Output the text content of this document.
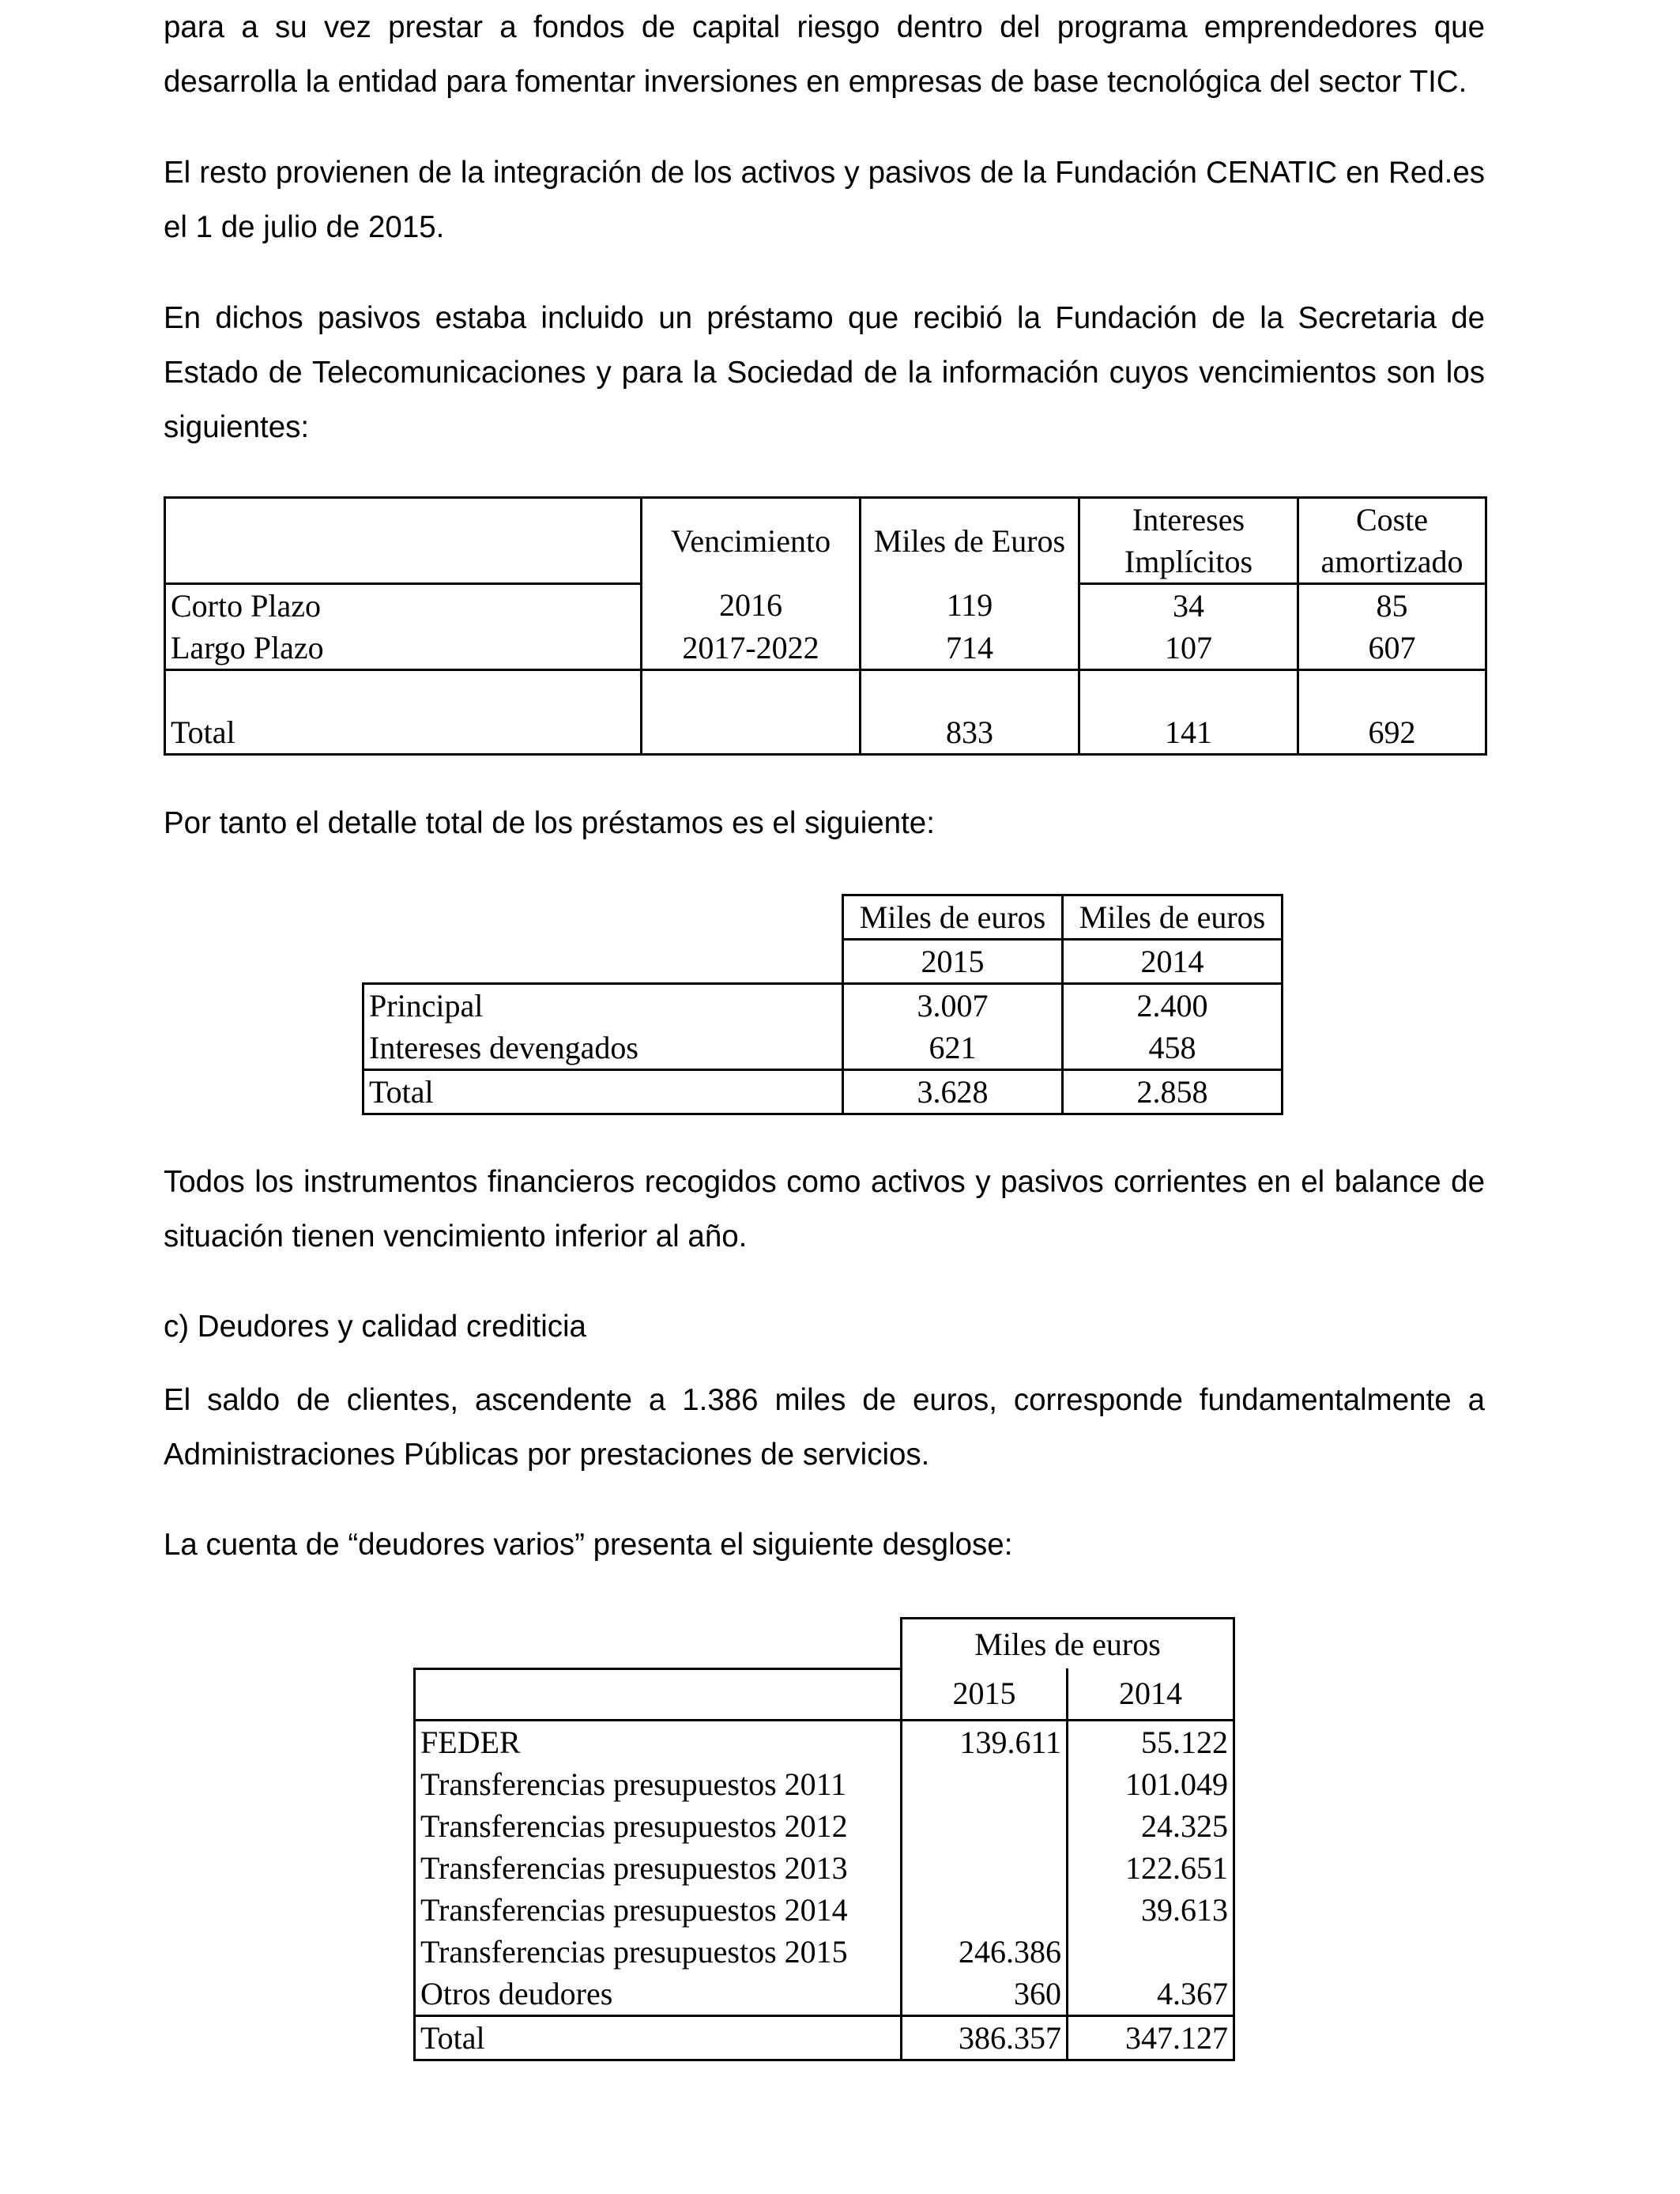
para a su vez prestar a fondos de capital riesgo dentro del programa emprendedores que

desarrolla la entidad para fomentar inversiones en empresas de base tecnológica del sector TIC.

El resto provienen de la integración de los activos y pasivos de la Fundación CENATIC en Red.es el 1 de julio de 2015.

En dichos pasivos estaba incluido un préstamo que recibió la Fundación de la Secretaria de Estado de Telecomunicaciones y para la Sociedad de la información cuyos vencimientos son los siguientes:

	Vencimiento	Miles de Euros	Intereses	Coste
			Implícitos	amortizado
Corto Plazo	2016	119	34	85
Largo Plazo	2017-2022	714	107	607
Total		833	141	692

Por tanto el detalle total de los préstamos es el siguiente:

	Miles de euros	Miles de euros
	2015	2014
Principal	3.007	2.400
Intereses devengados	621	458
Total	3.628	2.858

Todos los instrumentos financieros recogidos como activos y pasivos corrientes en el balance de situación tienen vencimiento inferior al año.

c) Deudores y calidad crediticia

El saldo de clientes, ascendente a 1.386 miles de euros, corresponde fundamentalmente a Administraciones Públicas por prestaciones de servicios.

La cuenta de “deudores varios” presenta el siguiente desglose:

	Miles de euros	
	2015	2014
FEDER	139.611	55.122
Transferencias presupuestos 2011		101.049
Transferencias presupuestos 2012		24.325
Transferencias presupuestos 2013		122.651
Transferencias presupuestos 2014		39.613
Transferencias presupuestos 2015	246.386	
Otros deudores	360	4.367
Total	386.357	347.127
